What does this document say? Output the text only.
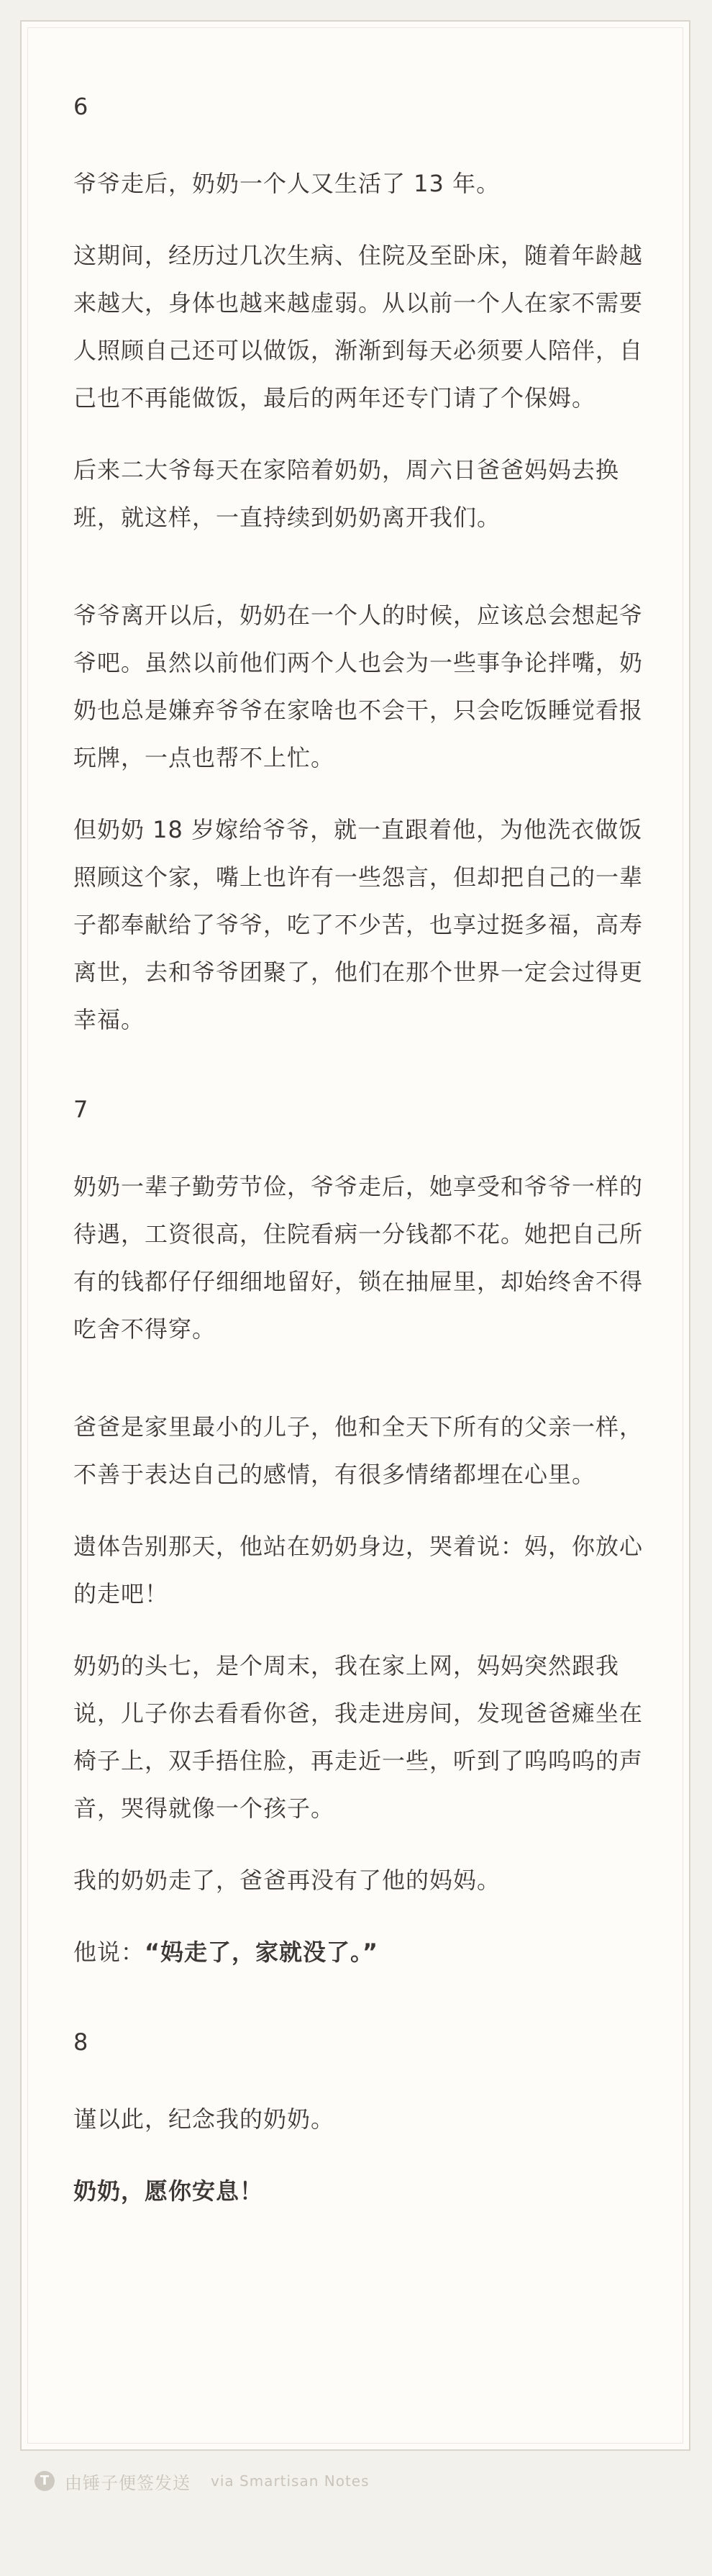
6

爷爷走后，奶奶一个人又生活了 13 年。

这期间，经历过几次生病、住院及至卧床，随着年龄越来越大，身体也越来越虚弱。从以前一个人在家不需要人照顾自己还可以做饭，渐渐到每天必须要人陪伴，自己也不再能做饭，最后的两年还专门请了个保姆。

后来二大爷每天在家陪着奶奶，周六日爸爸妈妈去换班，就这样，一直持续到奶奶离开我们。

爷爷离开以后，奶奶在一个人的时候，应该总会想起爷爷吧。虽然以前他们两个人也会为一些事争论拌嘴，奶奶也总是嫌弃爷爷在家啥也不会干，只会吃饭睡觉看报玩牌，一点也帮不上忙。

但奶奶 18 岁嫁给爷爷，就一直跟着他，为他洗衣做饭照顾这个家，嘴上也许有一些怨言，但却把自己的一辈子都奉献给了爷爷，吃了不少苦，也享过挺多福，高寿离世，去和爷爷团聚了，他们在那个世界一定会过得更幸福。

7

奶奶一辈子勤劳节俭，爷爷走后，她享受和爷爷一样的待遇，工资很高，住院看病一分钱都不花。她把自己所有的钱都仔仔细细地留好，锁在抽屉里，却始终舍不得吃舍不得穿。

爸爸是家里最小的儿子，他和全天下所有的父亲一样，不善于表达自己的感情，有很多情绪都埋在心里。

遗体告别那天，他站在奶奶身边，哭着说：妈，你放心的走吧！

奶奶的头七，是个周末，我在家上网，妈妈突然跟我说，儿子你去看看你爸，我走进房间，发现爸爸瘫坐在椅子上，双手捂住脸，再走近一些，听到了呜呜呜的声音，哭得就像一个孩子。

我的奶奶走了，爸爸再没有了他的妈妈。

他说：“妈走了，家就没了。”

8

谨以此，纪念我的奶奶。

奶奶，愿你安息！

T 由锤子便签发送 via Smartisan Notes
